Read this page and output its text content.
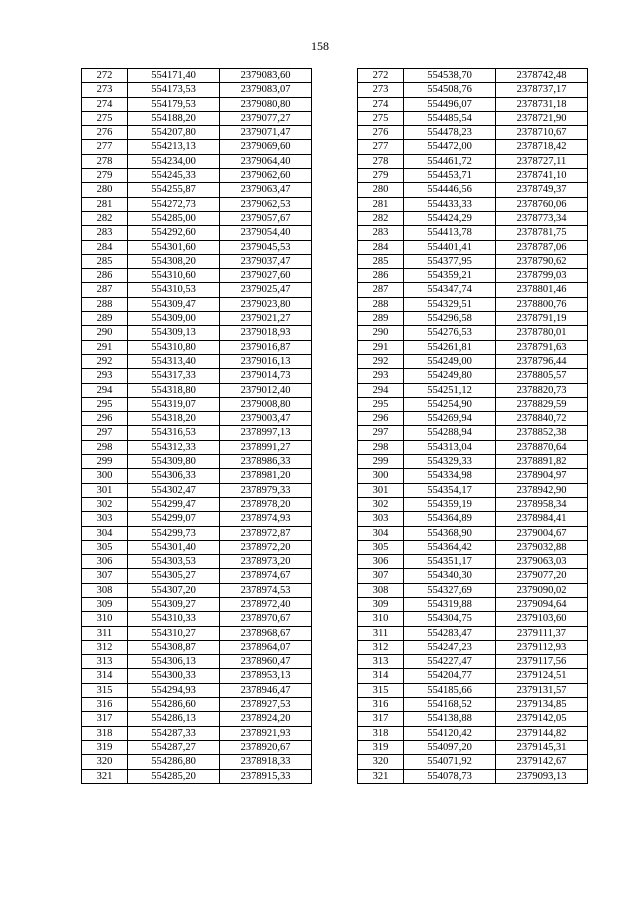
158
272	554171,40	2379083,60		272	554538,70	2378742,48
273	554173,53	2379083,07		273	554508,76	2378737,17
274	554179,53	2379080,80		274	554496,07	2378731,18
275	554188,20	2379077,27		275	554485,54	2378721,90
276	554207,80	2379071,47		276	554478,23	2378710,67
277	554213,13	2379069,60		277	554472,00	2378718,42
278	554234,00	2379064,40		278	554461,72	2378727,11
279	554245,33	2379062,60		279	554453,71	2378741,10
280	554255,87	2379063,47		280	554446,56	2378749,37
281	554272,73	2379062,53		281	554433,33	2378760,06
282	554285,00	2379057,67		282	554424,29	2378773,34
283	554292,60	2379054,40		283	554413,78	2378781,75
284	554301,60	2379045,53		284	554401,41	2378787,06
285	554308,20	2379037,47		285	554377,95	2378790,62
286	554310,60	2379027,60		286	554359,21	2378799,03
287	554310,53	2379025,47		287	554347,74	2378801,46
288	554309,47	2379023,80		288	554329,51	2378800,76
289	554309,00	2379021,27		289	554296,58	2378791,19
290	554309,13	2379018,93		290	554276,53	2378780,01
291	554310,80	2379016,87		291	554261,81	2378791,63
292	554313,40	2379016,13		292	554249,00	2378796,44
293	554317,33	2379014,73		293	554249,80	2378805,57
294	554318,80	2379012,40		294	554251,12	2378820,73
295	554319,07	2379008,80		295	554254,90	2378829,59
296	554318,20	2379003,47		296	554269,94	2378840,72
297	554316,53	2378997,13		297	554288,94	2378852,38
298	554312,33	2378991,27		298	554313,04	2378870,64
299	554309,80	2378986,33		299	554329,33	2378891,82
300	554306,33	2378981,20		300	554334,98	2378904,97
301	554302,47	2378979,33		301	554354,17	2378942,90
302	554299,47	2378978,20		302	554359,19	2378958,34
303	554299,07	2378974,93		303	554364,89	2378984,41
304	554299,73	2378972,87		304	554368,90	2379004,67
305	554301,40	2378972,20		305	554364,42	2379032,88
306	554303,53	2378973,20		306	554351,17	2379063,03
307	554305,27	2378974,67		307	554340,30	2379077,20
308	554307,20	2378974,53		308	554327,69	2379090,02
309	554309,27	2378972,40		309	554319,88	2379094,64
310	554310,33	2378970,67		310	554304,75	2379103,60
311	554310,27	2378968,67		311	554283,47	2379111,37
312	554308,87	2378964,07		312	554247,23	2379112,93
313	554306,13	2378960,47		313	554227,47	2379117,56
314	554300,33	2378953,13		314	554204,77	2379124,51
315	554294,93	2378946,47		315	554185,66	2379131,57
316	554286,60	2378927,53		316	554168,52	2379134,85
317	554286,13	2378924,20		317	554138,88	2379142,05
318	554287,33	2378921,93		318	554120,42	2379144,82
319	554287,27	2378920,67		319	554097,20	2379145,31
320	554286,80	2378918,33		320	554071,92	2379142,67
321	554285,20	2378915,33		321	554078,73	2379093,13
